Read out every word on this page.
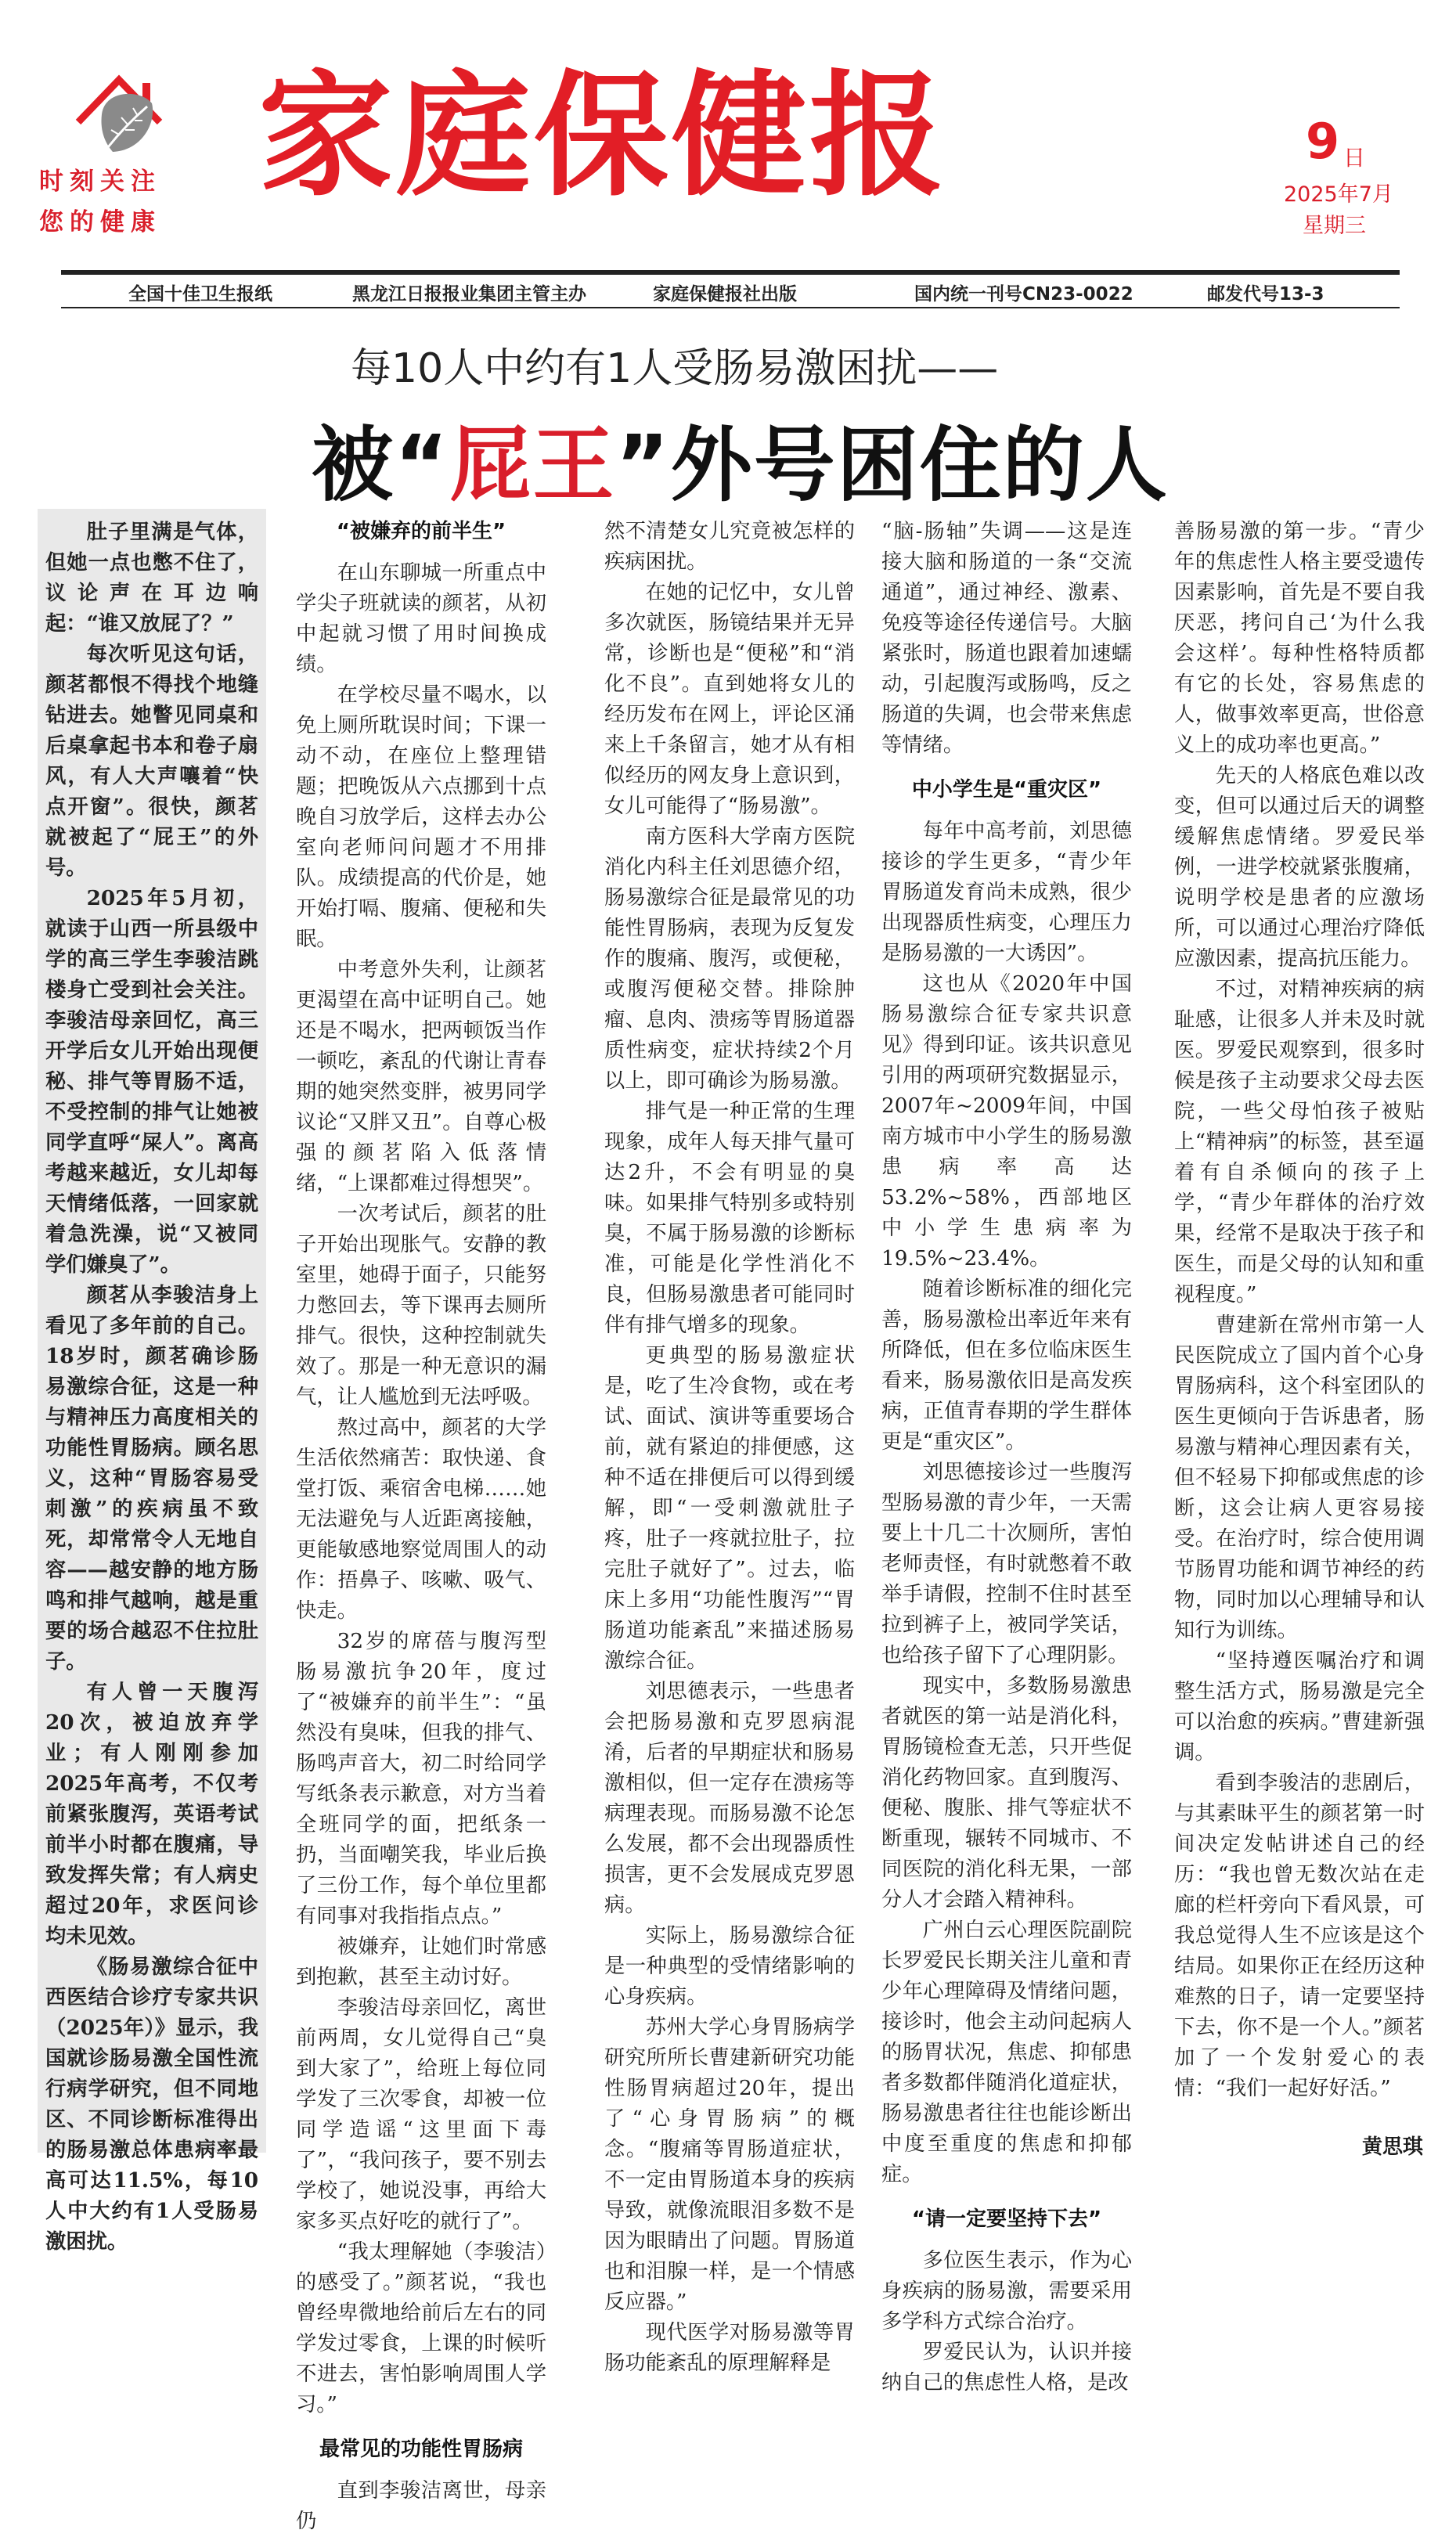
时刻关注
您的健康
家庭保健报	9 日
2025年7月
星期三
全国十佳卫生报纸	黑龙江日报报业集团主管主办	家庭保健报社出版	国内统一刊号CN23-0022	邮发代号13-3
每10人中约有1人受肠易激困扰——
被“屁王”外号困住的人

肚子里满是气体，但她一点也憋不住了，议论声在耳边响起：“谁又放屁了？”

每次听见这句话，颜茗都恨不得找个地缝钻进去。她瞥见同桌和后桌拿起书本和卷子扇风，有人大声嚷着“快点开窗”。很快，颜茗就被起了“屁王”的外号。

2025年5月初，就读于山西一所县级中学的高三学生李骏洁跳楼身亡受到社会关注。李骏洁母亲回忆，高三开学后女儿开始出现便秘、排气等胃肠不适，不受控制的排气让她被同学直呼“屎人”。离高考越来越近，女儿却每天情绪低落，一回家就着急洗澡，说“又被同学们嫌臭了”。

颜茗从李骏洁身上看见了多年前的自己。18岁时，颜茗确诊肠易激综合征，这是一种与精神压力高度相关的功能性胃肠病。顾名思义，这种“胃肠容易受刺激”的疾病虽不致死，却常常令人无地自容——越安静的地方肠鸣和排气越响，越是重要的场合越忍不住拉肚子。

有人曾一天腹泻20次，被迫放弃学业；有人刚刚参加2025年高考，不仅考前紧张腹泻，英语考试前半小时都在腹痛，导致发挥失常；有人病史超过20年，求医问诊均未见效。

《肠易激综合征中西医结合诊疗专家共识（2025年）》显示，我国就诊肠易激全国性流行病学研究，但不同地区、不同诊断标准得出的肠易激总体患病率最高可达11.5%，每10人中大约有1人受肠易激困扰。

“被嫌弃的前半生”

在山东聊城一所重点中学尖子班就读的颜茗，从初中起就习惯了用时间换成绩。

在学校尽量不喝水，以免上厕所耽误时间；下课一动不动，在座位上整理错题；把晚饭从六点挪到十点晚自习放学后，这样去办公室向老师问问题才不用排队。成绩提高的代价是，她开始打嗝、腹痛、便秘和失眠。

中考意外失利，让颜茗更渴望在高中证明自己。她还是不喝水，把两顿饭当作一顿吃，紊乱的代谢让青春期的她突然变胖，被男同学议论“又胖又丑”。自尊心极强的颜茗陷入低落情绪，“上课都难过得想哭”。

一次考试后，颜茗的肚子开始出现胀气。安静的教室里，她碍于面子，只能努力憋回去，等下课再去厕所排气。很快，这种控制就失效了。那是一种无意识的漏气，让人尴尬到无法呼吸。

熬过高中，颜茗的大学生活依然痛苦：取快递、食堂打饭、乘宿舍电梯……她无法避免与人近距离接触，更能敏感地察觉周围人的动作：捂鼻子、咳嗽、吸气、快走。

32岁的席蓓与腹泻型肠易激抗争20年，度过了“被嫌弃的前半生”：“虽然没有臭味，但我的排气、肠鸣声音大，初二时给同学写纸条表示歉意，对方当着全班同学的面，把纸条一扔，当面嘲笑我，毕业后换了三份工作，每个单位里都有同事对我指指点点。”

被嫌弃，让她们时常感到抱歉，甚至主动讨好。

李骏洁母亲回忆，离世前两周，女儿觉得自己“臭到大家了”，给班上每位同学发了三次零食，却被一位同学造谣“这里面下毒了”，“我问孩子，要不别去学校了，她说没事，再给大家多买点好吃的就行了”。

“我太理解她（李骏洁）的感受了。”颜茗说，“我也曾经卑微地给前后左右的同学发过零食，上课的时候听不进去，害怕影响周围人学习。”

最常见的功能性胃肠病

直到李骏洁离世，母亲仍

然不清楚女儿究竟被怎样的疾病困扰。

在她的记忆中，女儿曾多次就医，肠镜结果并无异常，诊断也是“便秘”和“消化不良”。直到她将女儿的经历发布在网上，评论区涌来上千条留言，她才从有相似经历的网友身上意识到，女儿可能得了“肠易激”。

南方医科大学南方医院消化内科主任刘思德介绍，肠易激综合征是最常见的功能性胃肠病，表现为反复发作的腹痛、腹泻，或便秘，或腹泻便秘交替。排除肿瘤、息肉、溃疡等胃肠道器质性病变，症状持续2个月以上，即可确诊为肠易激。

排气是一种正常的生理现象，成年人每天排气量可达2升，不会有明显的臭味。如果排气特别多或特别臭，不属于肠易激的诊断标准，可能是化学性消化不良，但肠易激患者可能同时伴有排气增多的现象。

更典型的肠易激症状是，吃了生冷食物，或在考试、面试、演讲等重要场合前，就有紧迫的排便感，这种不适在排便后可以得到缓解，即“一受刺激就肚子疼，肚子一疼就拉肚子，拉完肚子就好了”。过去，临床上多用“功能性腹泻”“胃肠道功能紊乱”来描述肠易激综合征。

刘思德表示，一些患者会把肠易激和克罗恩病混淆，后者的早期症状和肠易激相似，但一定存在溃疡等病理表现。而肠易激不论怎么发展，都不会出现器质性损害，更不会发展成克罗恩病。

实际上，肠易激综合征是一种典型的受情绪影响的心身疾病。

苏州大学心身胃肠病学研究所所长曹建新研究功能性肠胃病超过20年，提出了“心身胃肠病”的概念。“腹痛等胃肠道症状，不一定由胃肠道本身的疾病导致，就像流眼泪多数不是因为眼睛出了问题。胃肠道也和泪腺一样，是一个情感反应器。”

现代医学对肠易激等胃肠功能紊乱的原理解释是

“脑-肠轴”失调——这是连接大脑和肠道的一条“交流通道”，通过神经、激素、免疫等途径传递信号。大脑紧张时，肠道也跟着加速蠕动，引起腹泻或肠鸣，反之肠道的失调，也会带来焦虑等情绪。

中小学生是“重灾区”

每年中高考前，刘思德接诊的学生更多，“青少年胃肠道发育尚未成熟，很少出现器质性病变，心理压力是肠易激的一大诱因”。

这也从《2020年中国肠易激综合征专家共识意见》得到印证。该共识意见引用的两项研究数据显示，2007年~2009年间，中国南方城市中小学生的肠易激患病率高达53.2%~58%，西部地区中小学生患病率为19.5%~23.4%。

随着诊断标准的细化完善，肠易激检出率近年来有所降低，但在多位临床医生看来，肠易激依旧是高发疾病，正值青春期的学生群体更是“重灾区”。

刘思德接诊过一些腹泻型肠易激的青少年，一天需要上十几二十次厕所，害怕老师责怪，有时就憋着不敢举手请假，控制不住时甚至拉到裤子上，被同学笑话，也给孩子留下了心理阴影。

现实中，多数肠易激患者就医的第一站是消化科，胃肠镜检查无恙，只开些促消化药物回家。直到腹泻、便秘、腹胀、排气等症状不断重现，辗转不同城市、不同医院的消化科无果，一部分人才会踏入精神科。

广州白云心理医院副院长罗爱民长期关注儿童和青少年心理障碍及情绪问题，接诊时，他会主动问起病人的肠胃状况，焦虑、抑郁患者多数都伴随消化道症状，肠易激患者往往也能诊断出中度至重度的焦虑和抑郁症。

“请一定要坚持下去”

多位医生表示，作为心身疾病的肠易激，需要采用多学科方式综合治疗。

罗爱民认为，认识并接纳自己的焦虑性人格，是改

善肠易激的第一步。“青少年的焦虑性人格主要受遗传因素影响，首先是不要自我厌恶，拷问自己‘为什么我会这样’。每种性格特质都有它的长处，容易焦虑的人，做事效率更高，世俗意义上的成功率也更高。”

先天的人格底色难以改变，但可以通过后天的调整缓解焦虑情绪。罗爱民举例，一进学校就紧张腹痛，说明学校是患者的应激场所，可以通过心理治疗降低应激因素，提高抗压能力。

不过，对精神疾病的病耻感，让很多人并未及时就医。罗爱民观察到，很多时候是孩子主动要求父母去医院，一些父母怕孩子被贴上“精神病”的标签，甚至逼着有自杀倾向的孩子上学，“青少年群体的治疗效果，经常不是取决于孩子和医生，而是父母的认知和重视程度。”

曹建新在常州市第一人民医院成立了国内首个心身胃肠病科，这个科室团队的医生更倾向于告诉患者，肠易激与精神心理因素有关，但不轻易下抑郁或焦虑的诊断，这会让病人更容易接受。在治疗时，综合使用调节肠胃功能和调节神经的药物，同时加以心理辅导和认知行为训练。

“坚持遵医嘱治疗和调整生活方式，肠易激是完全可以治愈的疾病。”曹建新强调。

看到李骏洁的悲剧后，与其素昧平生的颜茗第一时间决定发帖讲述自己的经历：“我也曾无数次站在走廊的栏杆旁向下看风景，可我总觉得人生不应该是这个结局。如果你正在经历这种难熬的日子，请一定要坚持下去，你不是一个人。”颜茗加了一个发射爱心的表情：“我们一起好好活。”

黄思琪
